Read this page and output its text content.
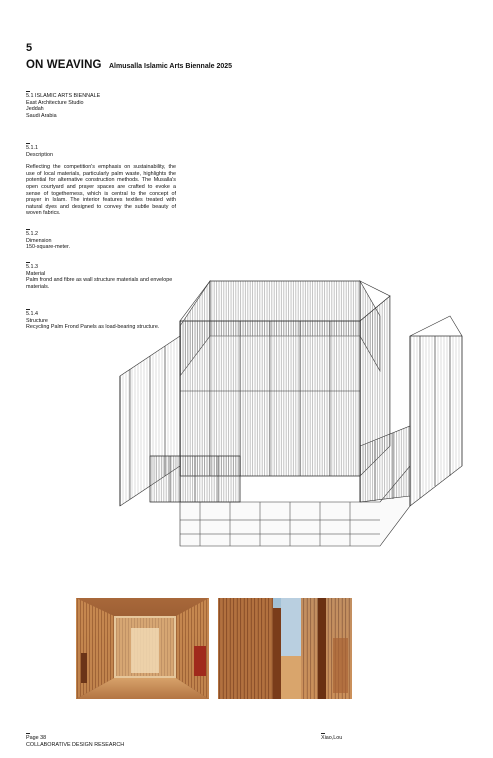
5
ON WEAVING Almusalla Islamic Arts Biennale 2025
5.1 ISLAMIC ARTS BIENNALE
East Architecture Studio
Jeddah
Saudi Arabia
5.1.1
Description
Reflecting the competition's emphasis on sustainability, the use of local materials, particularly palm waste, highlights the potential for alternative construction methods. The Musalla's open courtyard and prayer spaces are crafted to evoke a sense of togetherness, which is central to the concept of prayer in Islam. The interior features textiles treated with natural dyes and designed to convey the subtle beauty of woven fabrics.
5.1.2
Dimension
150-square-meter.
5.1.3
Material
Palm frond and fibre as wall structure materials and envelope materials.
5.1.4
Structure
Recycling Palm Frond Panels as load-bearing structure.
Page 38
COLLABORATIVE DESIGN RESEARCH
Xiao,Lou
